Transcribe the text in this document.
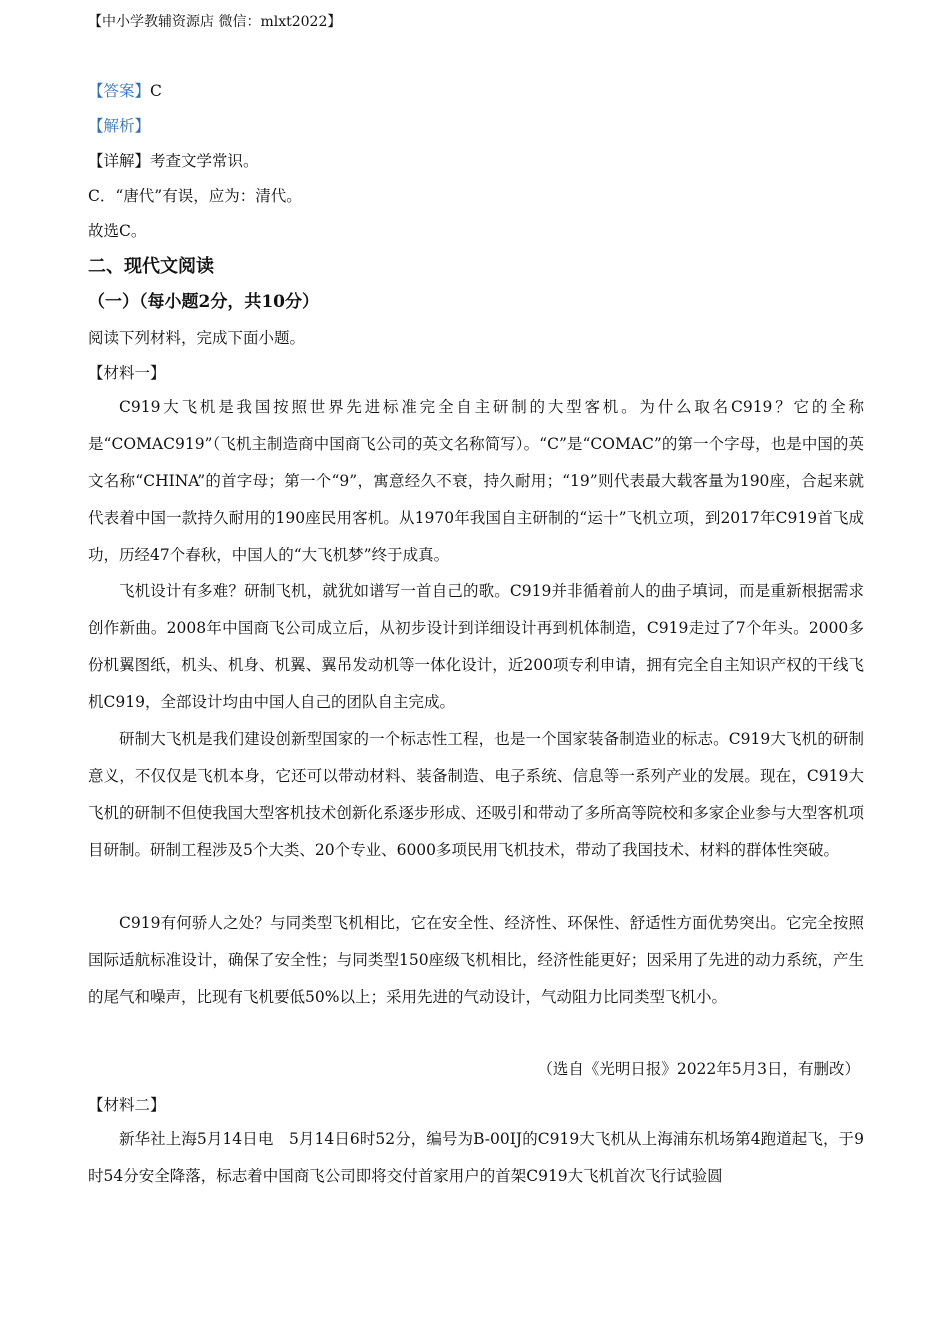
【中小学教辅资源店 微信：mlxt2022】
【答案】C
【解析】
【详解】考查文学常识。
C．“唐代”有误，应为：清代。
故选C。
二、现代文阅读
（一）（每小题2分，共10分）
阅读下列材料，完成下面小题。
【材料一】

C919大飞机是我国按照世界先进标准完全自主研制的大型客机。为什么取名C919？它的全称是“COMAC919”（飞机主制造商中国商飞公司的英文名称简写）。“C”是“COMAC”的第一个字母，也是中国的英文名称“CHINA”的首字母；第一个“9”，寓意经久不衰，持久耐用；“19”则代表最大载客量为190座，合起来就代表着中国一款持久耐用的190座民用客机。从1970年我国自主研制的“运十”飞机立项，到2017年C919首飞成功，历经47个春秋，中国人的“大飞机梦”终于成真。

飞机设计有多难？研制飞机，就犹如谱写一首自己的歌。C919并非循着前人的曲子填词，而是重新根据需求创作新曲。2008年中国商飞公司成立后，从初步设计到详细设计再到机体制造，C919走过了7个年头。2000多份机翼图纸，机头、机身、机翼、翼吊发动机等一体化设计，近200项专利申请，拥有完全自主知识产权的干线飞机C919，全部设计均由中国人自己的团队自主完成。

研制大飞机是我们建设创新型国家的一个标志性工程，也是一个国家装备制造业的标志。C919大飞机的研制意义，不仅仅是飞机本身，它还可以带动材料、装备制造、电子系统、信息等一系列产业的发展。现在，C919大飞机的研制不但使我国大型客机技术创新化系逐步形成、还吸引和带动了多所高等院校和多家企业参与大型客机项目研制。研制工程涉及5个大类、20个专业、6000多项民用飞机技术，带动了我国技术、材料的群体性突破。

C919有何骄人之处？与同类型飞机相比，它在安全性、经济性、环保性、舒适性方面优势突出。它完全按照国际适航标准设计，确保了安全性；与同类型150座级飞机相比，经济性能更好；因采用了先进的动力系统，产生的尾气和噪声，比现有飞机要低50%以上；采用先进的气动设计，气动阻力比同类型飞机小。

（选自《光明日报》2022年5月3日，有删改）
【材料二】

新华社上海5月14日电　5月14日6时52分，编号为B-00IJ的C919大飞机从上海浦东机场第4跑道起飞，于9时54分安全降落，标志着中国商飞公司即将交付首家用户的首架C919大飞机首次飞行试验圆
